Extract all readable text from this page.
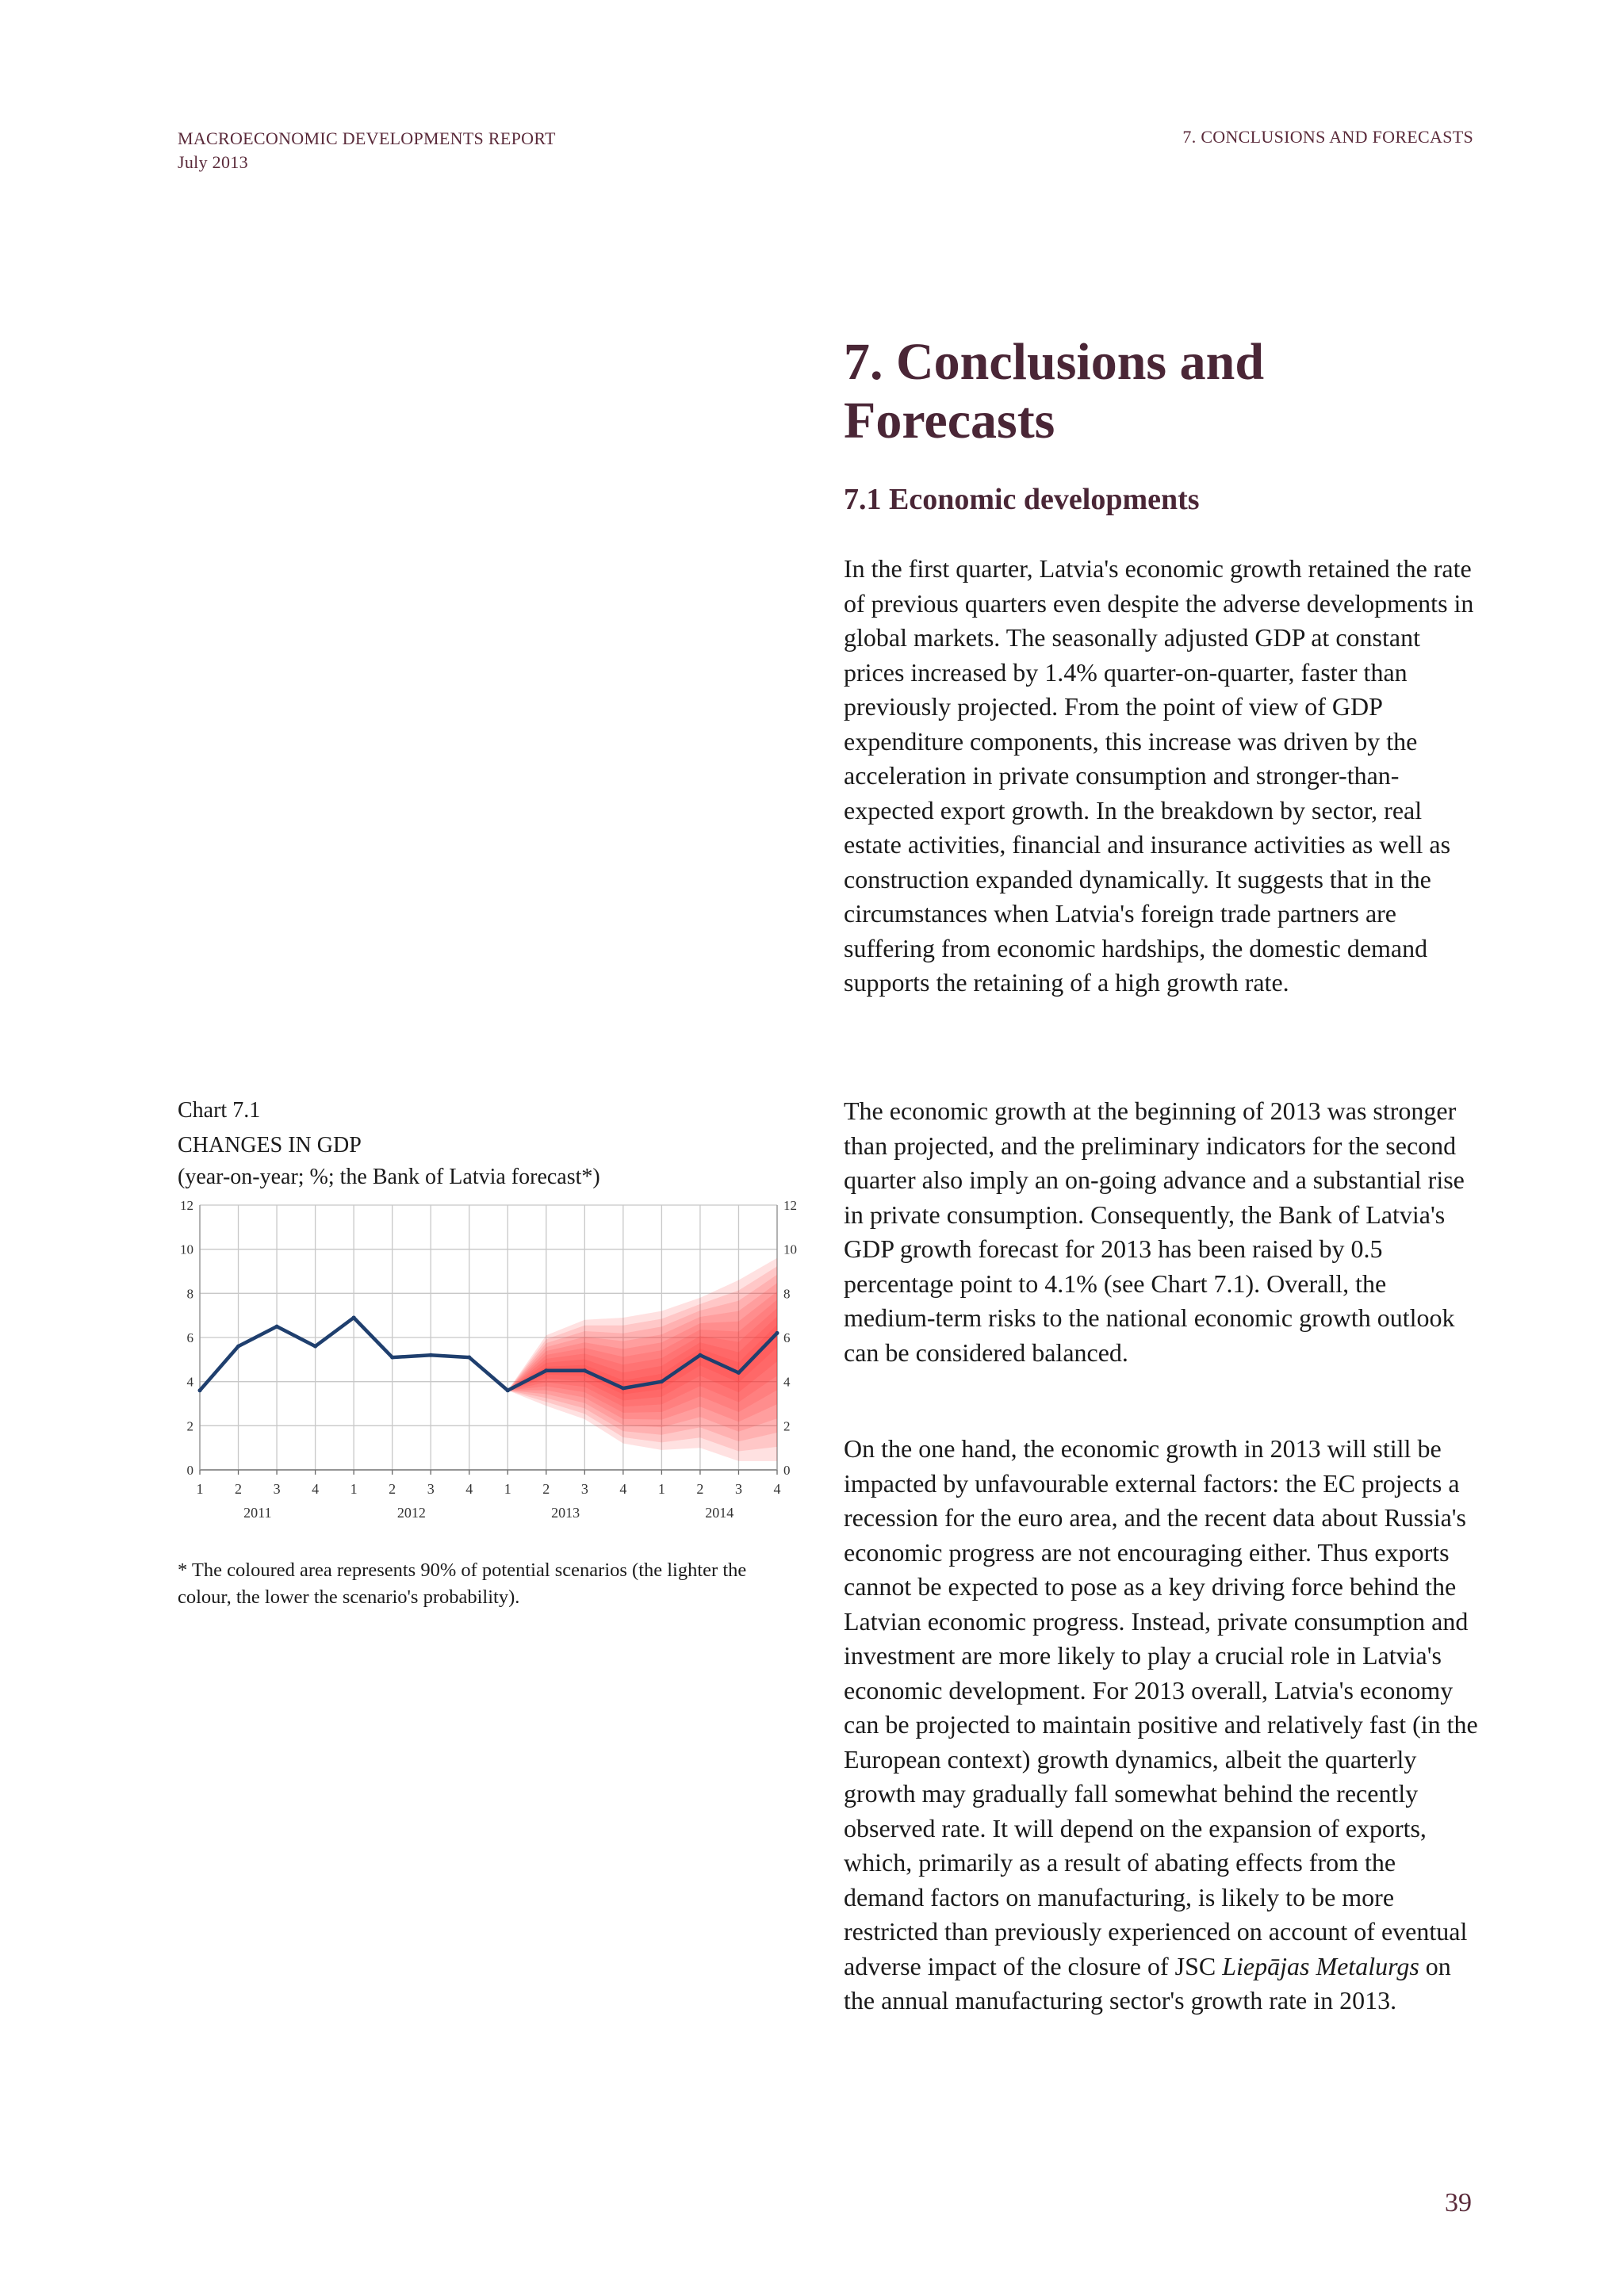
MACROECONOMIC DEVELOPMENTS REPORT
July 2013
7. CONCLUSIONS AND FORECASTS
7. Conclusions and Forecasts
7.1 Economic developments

In the first quarter, Latvia's economic growth retained the rate of previous quarters even despite the adverse developments in global markets. The seasonally adjusted GDP at constant prices increased by 1.4% quarter-on-quarter, faster than previously projected. From the point of view of GDP expenditure components, this increase was driven by the acceleration in private consumption and stronger-than-expected export growth. In the breakdown by sector, real estate activities, financial and insurance activities as well as construction expanded dynamically. It suggests that in the circumstances when Latvia's foreign trade partners are suffering from economic hardships, the domestic demand supports the retaining of a high growth rate.

The economic growth at the beginning of 2013 was stronger than projected, and the preliminary indicators for the second quarter also imply an on-going advance and a substantial rise in private consumption. Consequently, the Bank of Latvia's GDP growth forecast for 2013 has been raised by 0.5 percentage point to 4.1% (see Chart 7.1). Overall, the medium-term risks to the national economic growth outlook can be considered balanced.

On the one hand, the economic growth in 2013 will still be impacted by unfavourable external factors: the EC projects a recession for the euro area, and the recent data about Russia's economic progress are not encouraging either. Thus exports cannot be expected to pose as a key driving force behind the Latvian economic progress. Instead, private consumption and investment are more likely to play a crucial role in Latvia's economic development. For 2013 overall, Latvia's economy can be projected to maintain positive and relatively fast (in the European context) growth dynamics, albeit the quarterly growth may gradually fall somewhat behind the recently observed rate. It will depend on the expansion of exports, which, primarily as a result of abating effects from the demand factors on manufacturing, is likely to be more restricted than previously experienced on account of eventual adverse impact of the closure of JSC Liepājas Metalurgs on the annual manufacturing sector's growth rate in 2013.

Chart 7.1
CHANGES IN GDP
(year-on-year; %; the Bank of Latvia forecast*)
0	0
2	2
4	4
6	6
8	8
10	10
12	12
1 2 3 4 1 2 3 4 1 2 3 4 1 2 3 4
2011	2012	2013	2014
* The coloured area represents 90% of potential scenarios (the lighter the colour, the lower the scenario's probability).
39
